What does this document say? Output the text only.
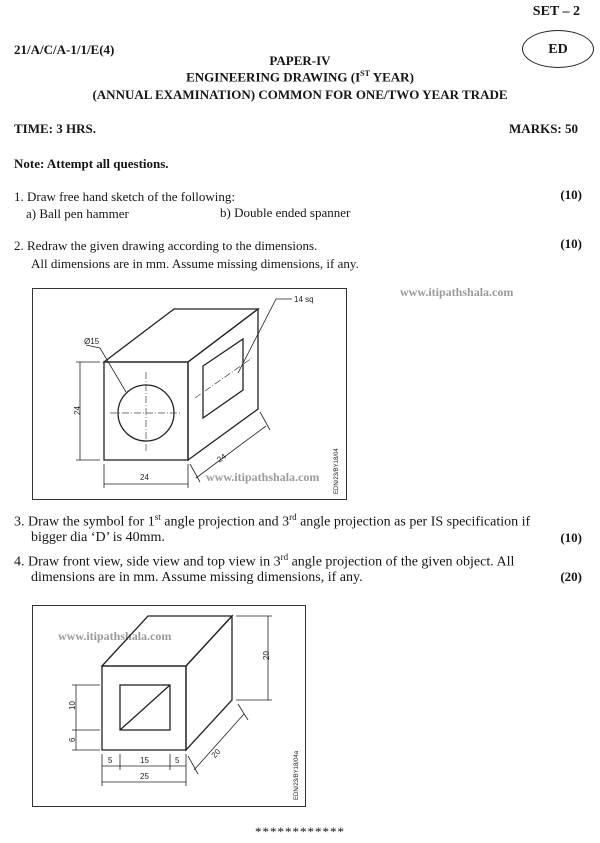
SET – 2
21/A/C/A-1/1/E(4)	ED
PAPER-IV
ENGINEERING DRAWING (IST YEAR)
(ANNUAL EXAMINATION) COMMON FOR ONE/TWO YEAR TRADE
TIME: 3 HRS.	MARKS: 50
Note: Attempt all questions.
1. Draw free hand sketch of the following:	(10)
a) Ball pen hammer	b) Double ended spanner
2. Redraw the given drawing according to the dimensions.	(10)
All dimensions are in mm. Assume missing dimensions, if any.
www.itipathshala.com
Ø15
14 sq
24
24
24	EDN/23/BY18/04
www.itipathshala.com
3. Draw the symbol for 1st angle projection and 3rd angle projection as per IS specification if
bigger dia ‘D’ is 40mm.	(10)
4. Draw front view, side view and top view in 3rd angle projection of the given object. All
dimensions are in mm. Assume missing dimensions, if any.	(20)
www.itipathshala.com
20
10
6
5	15	5
25
20	EDN/23/BY18/04a
************
